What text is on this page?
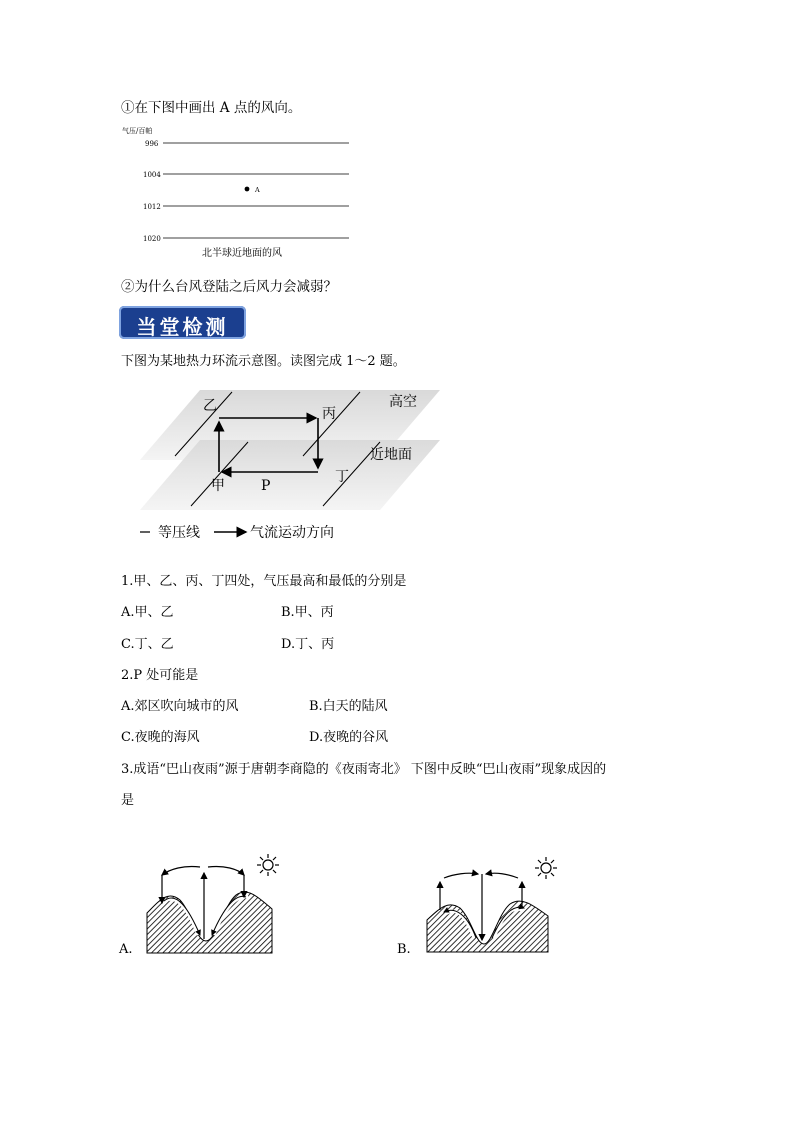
①在下图中画出 A 点的风向。
气压/百帕
996
1004
1012
1020
A
北半球近地面的风
②为什么台风登陆之后风力会减弱？
当堂检测
下图为某地热力环流示意图。读图完成 1～2 题。
乙	丙
高空
近地面
甲	P
丁
等压线	气流运动方向
1.甲、乙、丙、丁四处，气压最高和最低的分别是
A.甲、乙	B.甲、丙
C.丁、乙	D.丁、丙
2.P 处可能是
A.郊区吹向城市的风	B.白天的陆风
C.夜晚的海风	D.夜晚的谷风
3.成语“巴山夜雨”源于唐朝李商隐的《夜雨寄北》 下图中反映“巴山夜雨”现象成因的
是
A.	B.
